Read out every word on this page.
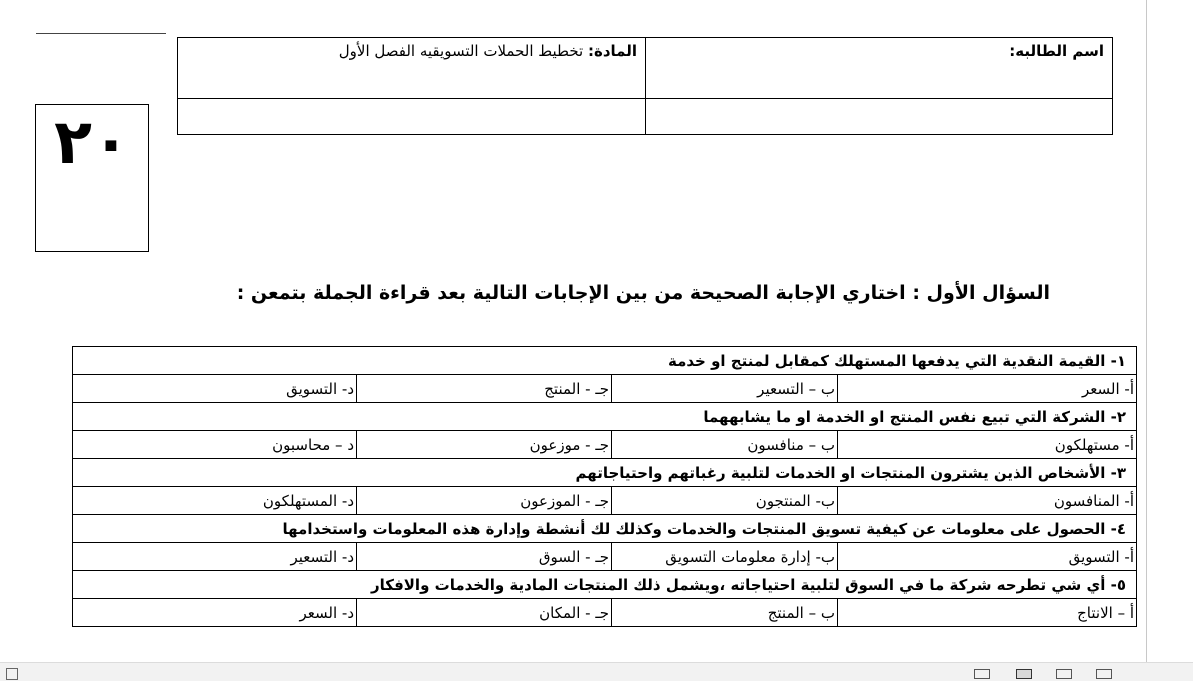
اسم الطالبه:	المادة: تخطيط الحملات التسويقيه الفصل الأول

٢٠
السؤال الأول : اختاري الإجابة الصحيحة من بين الإجابات التالية بعد قراءة الجملة بتمعن :
١- القيمة النقدية التي يدفعها المستهلك كمقابل لمنتج او خدمة			
أ- السعر	ب – التسعير	جـ - المنتج	د- التسويق
٢- الشركة التي تبيع نفس المنتج او الخدمة او ما يشابههما			
أ- مستهلكون	ب – منافسون	جـ - موزعون	د – محاسبون
٣- الأشخاص الذين يشترون المنتجات او الخدمات لتلبية رغباتهم واحتياجاتهم			
أ- المنافسون	ب- المنتجون	جـ - الموزعون	د- المستهلكون
٤- الحصول على معلومات عن كيفية تسويق المنتجات والخدمات وكذلك لك أنشطة وإدارة هذه المعلومات واستخدامها			
أ- التسويق	ب- إدارة معلومات التسويق	جـ - السوق	د- التسعير
٥- أي شي تطرحه شركة ما في السوق لتلبية احتياجاته ،ويشمل ذلك المنتجات المادية والخدمات والافكار			
أ – الانتاج	ب – المنتج	جـ - المكان	د- السعر
